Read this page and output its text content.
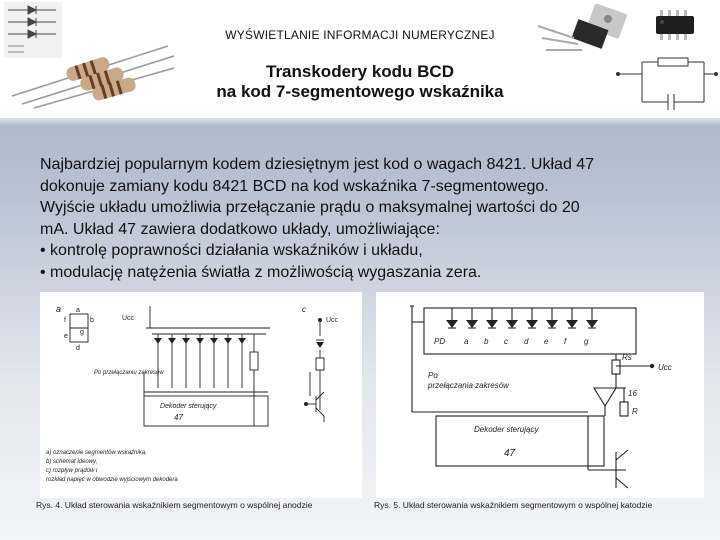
WYŚWIETLANIE INFORMACJI NUMERYCZNEJ
Transkodery kodu BCD
na kod 7-segmentowego wskaźnika

Najbardziej popularnym kodem dziesiętnym jest kod o wagach 8421. Układ 47

dokonuje zamiany kodu 8421 BCD na kod wskaźnika 7-segmentowego.

Wyjście układu umożliwia przełączanie prądu o maksymalnej wartości do 20

mA. Układ 47 zawiera dodatkowo układy, umożliwiające:

• kontrolę poprawności działania wskaźników i układu,

• modulację natężenia światła z możliwością wygaszania zera.

a a
b
c
d
e
f
g
Ucc	Ucc
Po przełączaniu zakresów
Dekoder sterujący
47
a) oznaczenie segmentów wskaźnika,
b) schemat ideowy,
c) rozpływ prądów i
rozkład napięć w obwodzie wyjściowym dekodera
PD a b c d e f g
Rs
Ucc
Po
przełączania zakresów
16
R
Dekoder sterujący
47
Rys. 4. Układ sterowania wskaźnikiem segmentowym o wspólnej anodzie	Rys. 5. Układ sterowania wskaźnikiem segmentowym o wspólnej katodzie
